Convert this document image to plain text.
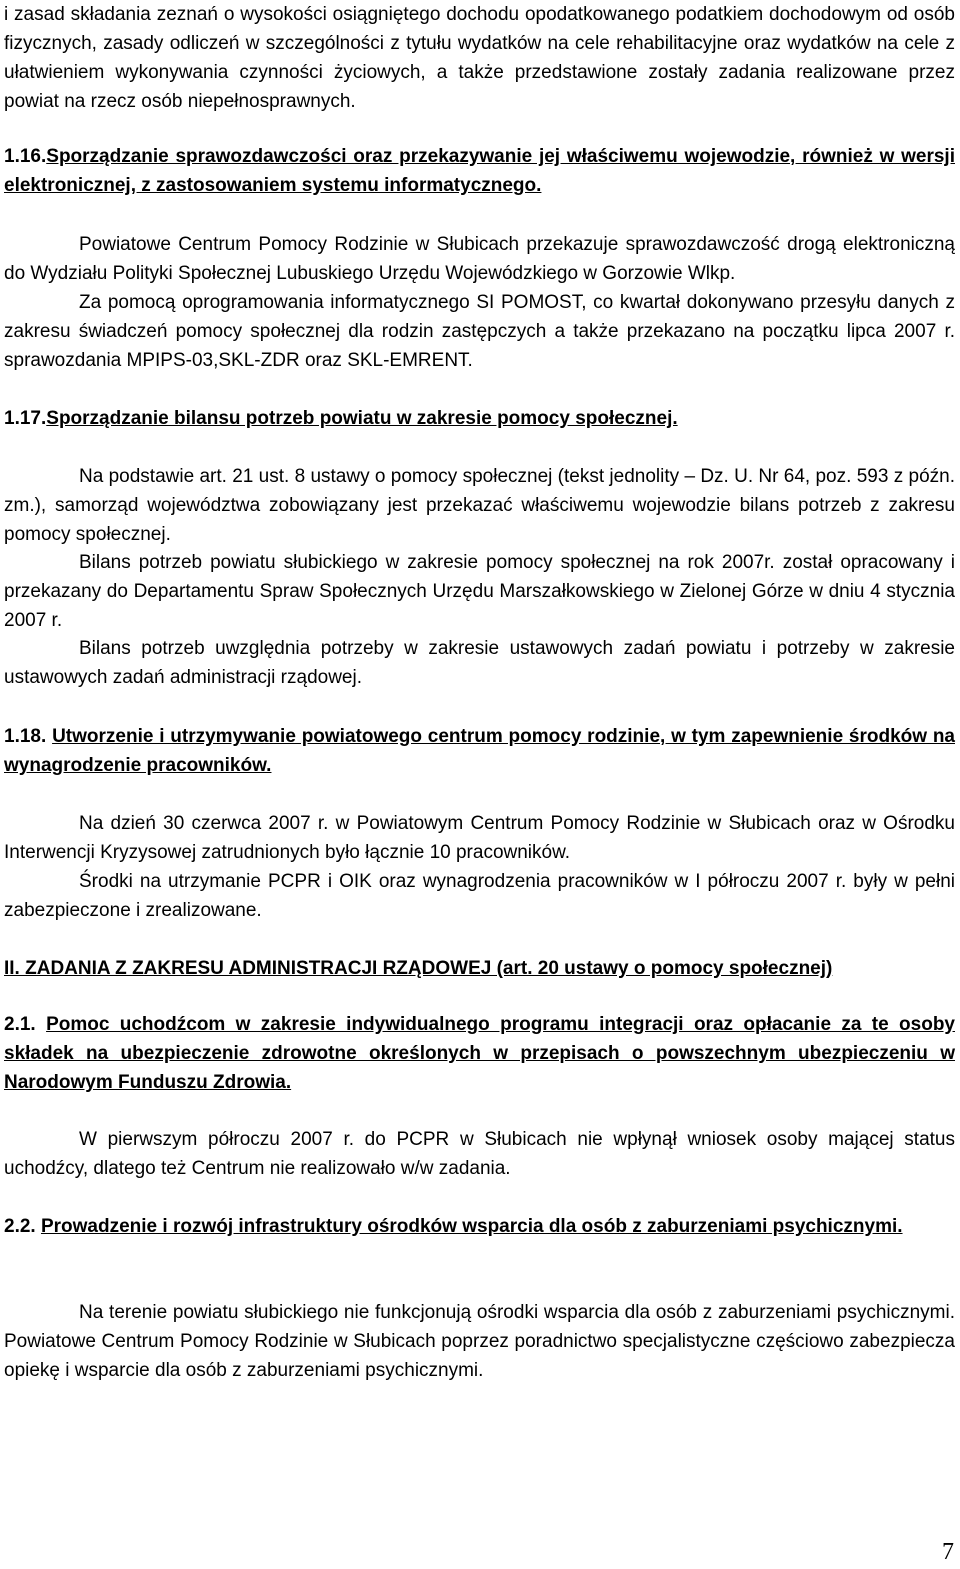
i zasad składania zeznań o wysokości osiągniętego dochodu opodatkowanego podatkiem dochodowym od osób fizycznych, zasady odliczeń w szczególności z tytułu wydatków na cele rehabilitacyjne oraz wydatków na cele z ułatwieniem wykonywania czynności życiowych, a także przedstawione zostały zadania realizowane przez powiat na rzecz osób niepełnosprawnych.

1.16.Sporządzanie sprawozdawczości oraz przekazywanie jej właściwemu wojewodzie, również w wersji elektronicznej, z zastosowaniem systemu informatycznego.

Powiatowe Centrum Pomocy Rodzinie w Słubicach przekazuje sprawozdawczość drogą elektroniczną do Wydziału Polityki Społecznej Lubuskiego Urzędu Wojewódzkiego w Gorzowie Wlkp.

Za pomocą oprogramowania informatycznego SI POMOST, co kwartał dokonywano przesyłu danych z zakresu świadczeń pomocy społecznej dla rodzin zastępczych a także przekazano na początku lipca 2007 r. sprawozdania MPIPS-03,SKL-ZDR oraz SKL-EMRENT.

1.17.Sporządzanie bilansu potrzeb powiatu w zakresie pomocy społecznej.

Na podstawie art. 21 ust. 8 ustawy o pomocy społecznej (tekst jednolity – Dz. U. Nr 64, poz. 593 z późn. zm.), samorząd województwa zobowiązany jest przekazać właściwemu wojewodzie bilans potrzeb z zakresu pomocy społecznej.

Bilans potrzeb powiatu słubickiego w zakresie pomocy społecznej na rok 2007r. został opracowany i przekazany do Departamentu Spraw Społecznych Urzędu Marszałkowskiego w Zielonej Górze w dniu 4 stycznia 2007 r.

Bilans potrzeb uwzględnia potrzeby w zakresie ustawowych zadań powiatu i potrzeby w zakresie ustawowych zadań administracji rządowej.

1.18. Utworzenie i utrzymywanie powiatowego centrum pomocy rodzinie, w tym zapewnienie środków na wynagrodzenie pracowników.

Na dzień 30 czerwca 2007 r. w Powiatowym Centrum Pomocy Rodzinie w Słubicach oraz w Ośrodku Interwencji Kryzysowej zatrudnionych było łącznie 10 pracowników.

Środki na utrzymanie PCPR i OIK oraz wynagrodzenia pracowników w I półroczu 2007 r. były w pełni zabezpieczone i zrealizowane.

II. ZADANIA Z ZAKRESU ADMINISTRACJI RZĄDOWEJ (art. 20 ustawy o pomocy społecznej)

2.1. Pomoc uchodźcom w zakresie indywidualnego programu integracji oraz opłacanie za te osoby składek na ubezpieczenie zdrowotne określonych w przepisach o powszechnym ubezpieczeniu w Narodowym Funduszu Zdrowia.

W pierwszym półroczu 2007 r. do PCPR w Słubicach nie wpłynął wniosek osoby mającej status uchodźcy, dlatego też Centrum nie realizowało w/w zadania.

2.2. Prowadzenie i rozwój infrastruktury ośrodków wsparcia dla osób z zaburzeniami psychicznymi.

Na terenie powiatu słubickiego nie funkcjonują ośrodki wsparcia dla osób z zaburzeniami psychicznymi. Powiatowe Centrum Pomocy Rodzinie w Słubicach poprzez poradnictwo specjalistyczne częściowo zabezpiecza opiekę i wsparcie dla osób z zaburzeniami psychicznymi.

7
